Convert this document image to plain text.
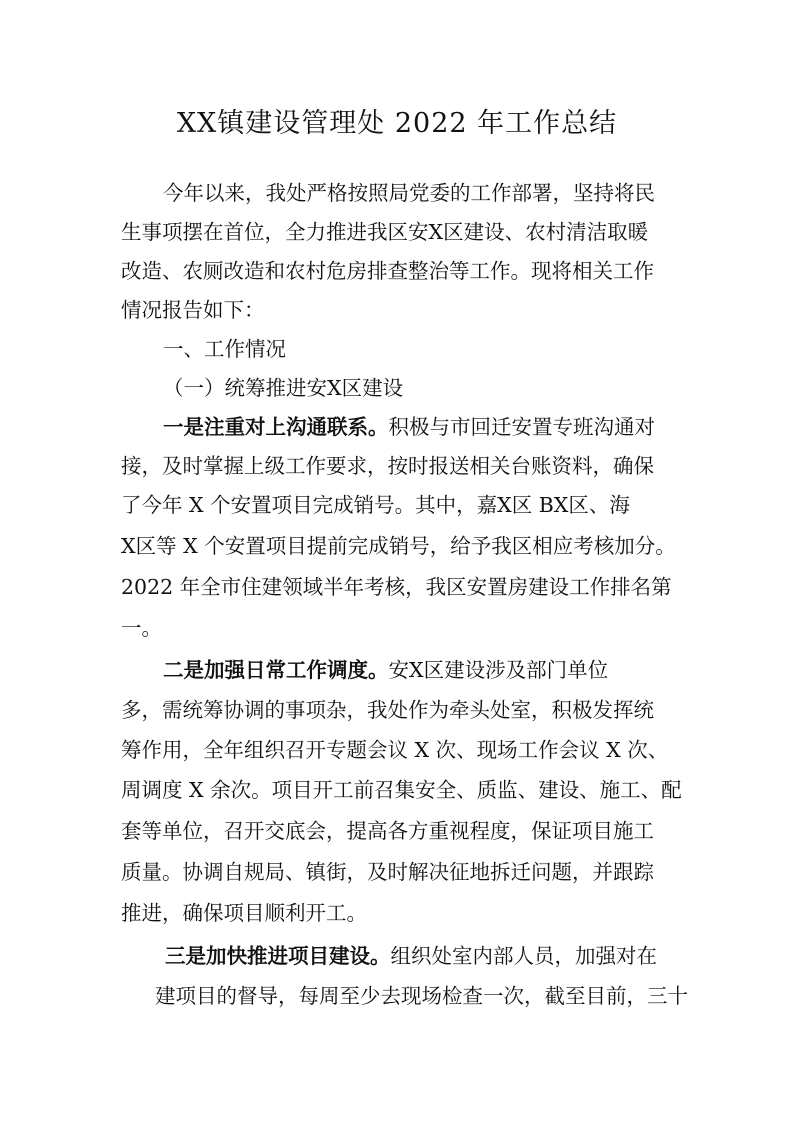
XX镇建设管理处 2022 年工作总结
今年以来，我处严格按照局党委的工作部署，坚持将民
生事项摆在首位，全力推进我区安X区建设、农村清洁取暖
改造、农厕改造和农村危房排查整治等工作。现将相关工作
情况报告如下：
一、工作情况
（一）统筹推进安X区建设
一是注重对上沟通联系。积极与市回迁安置专班沟通对
接，及时掌握上级工作要求，按时报送相关台账资料，确保
了今年 X 个安置项目完成销号。其中，嘉X区 BX区、海
X区等 X 个安置项目提前完成销号，给予我区相应考核加分。
2022 年全市住建领域半年考核，我区安置房建设工作排名第
一。
二是加强日常工作调度。安X区建设涉及部门单位
多，需统筹协调的事项杂，我处作为牵头处室，积极发挥统
筹作用，全年组织召开专题会议 X 次、现场工作会议 X 次、
周调度 X 余次。项目开工前召集安全、质监、建设、施工、配
套等单位，召开交底会，提高各方重视程度，保证项目施工
质量。协调自规局、镇街，及时解决征地拆迁问题，并跟踪
推进，确保项目顺利开工。
三是加快推进项目建设。组织处室内部人员，加强对在
建项目的督导，每周至少去现场检查一次，截至目前，三十
